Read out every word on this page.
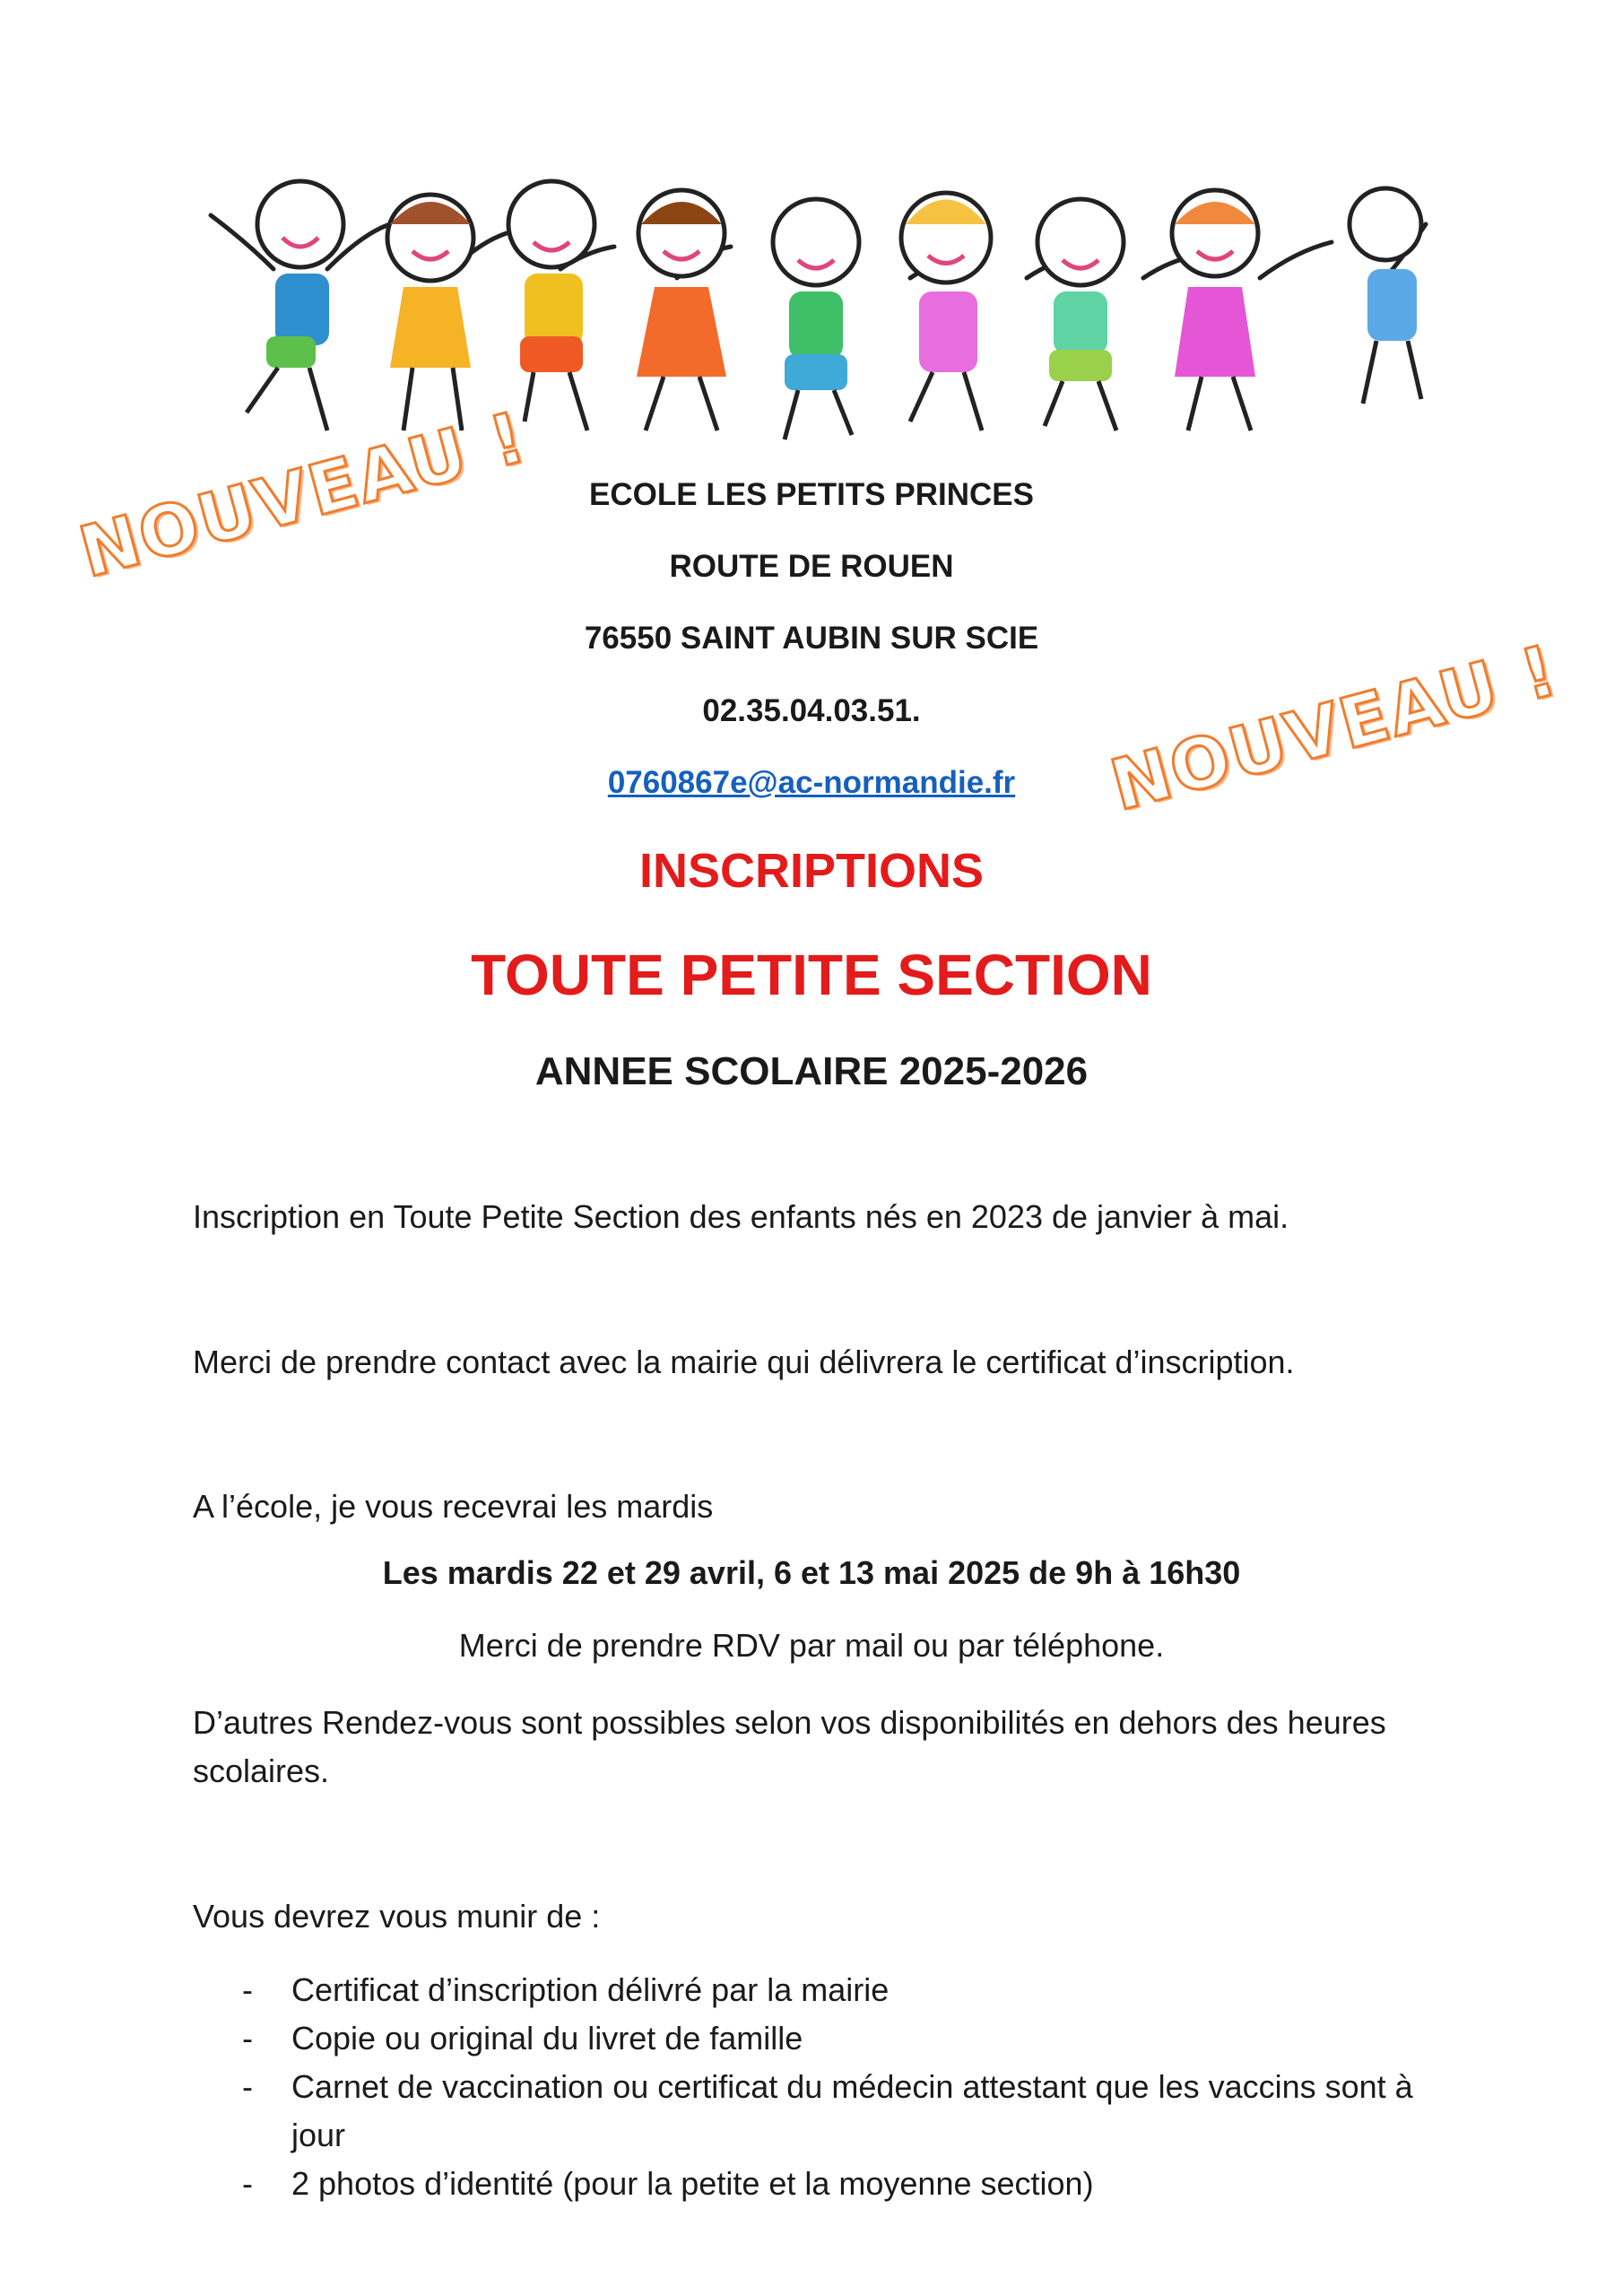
NOUVEAU !
NOUVEAU !
ECOLE LES PETITS PRINCES
ROUTE DE ROUEN
76550 SAINT AUBIN SUR SCIE
02.35.04.03.51.
0760867e@ac-normandie.fr
INSCRIPTIONS
TOUTE PETITE SECTION
ANNEE SCOLAIRE 2025-2026
Inscription en Toute Petite Section des enfants nés en 2023 de janvier à mai.
Merci de prendre contact avec la mairie qui délivrera le certificat d’inscription.
A l’école, je vous recevrai les mardis
Les mardis 22 et 29 avril, 6 et 13 mai 2025 de 9h à 16h30
Merci de prendre RDV par mail ou par téléphone.
D’autres Rendez-vous sont possibles selon vos disponibilités en dehors des heures scolaires.
Vous devrez vous munir de :
- Certificat d’inscription délivré par la mairie
- Copie ou original du livret de famille
- Carnet de vaccination ou certificat du médecin attestant que les vaccins sont à jour
- 2 photos d’identité (pour la petite et la moyenne section)
